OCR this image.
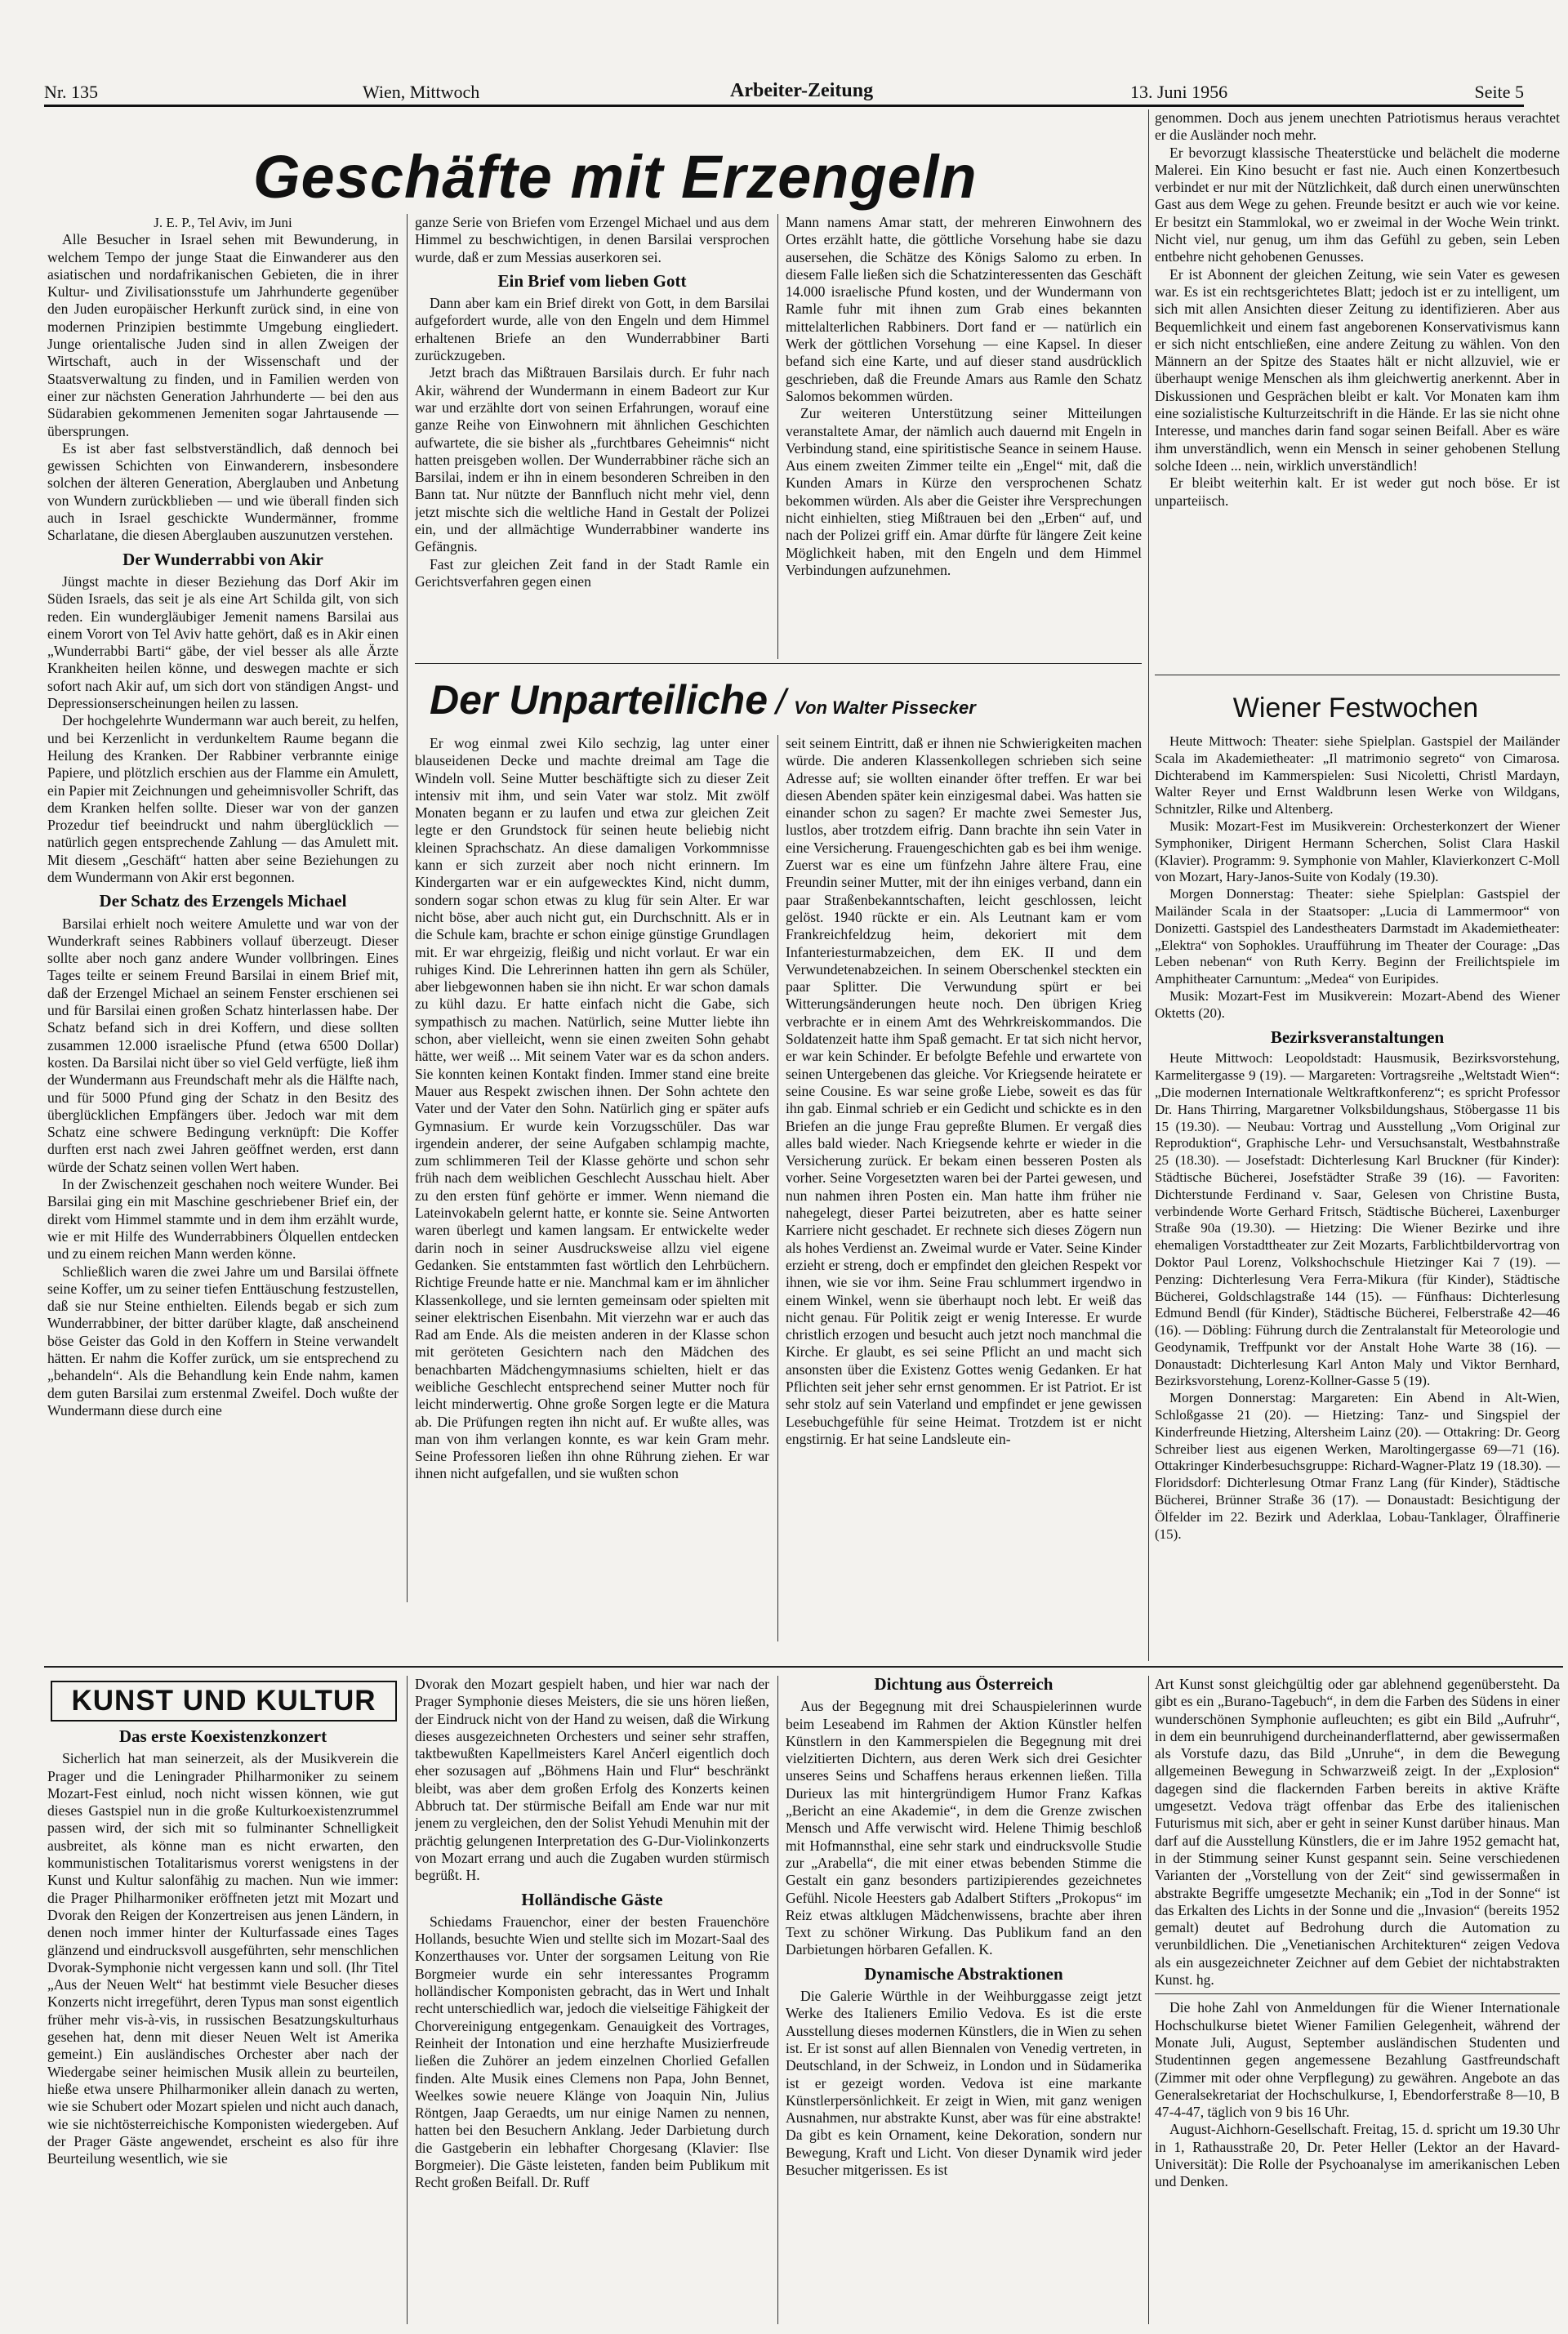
Nr. 135	Wien, Mittwoch	Arbeiter-Zeitung	13. Juni 1956	Seite 5
Geschäfte mit Erzengeln

J. E. P., Tel Aviv, im Juni

Alle Besucher in Israel sehen mit Bewunderung, in welchem Tempo der junge Staat die Einwanderer aus den asiatischen und nordafrikanischen Gebieten, die in ihrer Kultur- und Zivilisationsstufe um Jahrhunderte gegenüber den Juden europäischer Herkunft zurück sind, in eine von modernen Prinzipien bestimmte Umgebung eingliedert. Junge orientalische Juden sind in allen Zweigen der Wirtschaft, auch in der Wissenschaft und der Staatsverwaltung zu finden, und in Familien werden von einer zur nächsten Generation Jahrhunderte — bei den aus Südarabien gekommenen Jemeniten sogar Jahrtausende — übersprungen.

Es ist aber fast selbstverständlich, daß dennoch bei gewissen Schichten von Einwanderern, insbesondere solchen der älteren Generation, Aberglauben und Anbetung von Wundern zurückblieben — und wie überall finden sich auch in Israel geschickte Wundermänner, fromme Scharlatane, die diesen Aberglauben auszunutzen verstehen.

Der Wunderrabbi von Akir

Jüngst machte in dieser Beziehung das Dorf Akir im Süden Israels, das seit je als eine Art Schilda gilt, von sich reden. Ein wundergläubiger Jemenit namens Barsilai aus einem Vorort von Tel Aviv hatte gehört, daß es in Akir einen „Wunderrabbi Barti“ gäbe, der viel besser als alle Ärzte Krankheiten heilen könne, und deswegen machte er sich sofort nach Akir auf, um sich dort von ständigen Angst- und Depressionserscheinungen heilen zu lassen.

Der hochgelehrte Wundermann war auch bereit, zu helfen, und bei Kerzenlicht in verdunkeltem Raume begann die Heilung des Kranken. Der Rabbiner verbrannte einige Papiere, und plötzlich erschien aus der Flamme ein Amulett, ein Papier mit Zeichnungen und geheimnisvoller Schrift, das dem Kranken helfen sollte. Dieser war von der ganzen Prozedur tief beeindruckt und nahm überglücklich — natürlich gegen entsprechende Zahlung — das Amulett mit. Mit diesem „Geschäft“ hatten aber seine Beziehungen zu dem Wundermann von Akir erst begonnen.

Der Schatz des Erzengels Michael

Barsilai erhielt noch weitere Amulette und war von der Wunderkraft seines Rabbiners vollauf überzeugt. Dieser sollte aber noch ganz andere Wunder vollbringen. Eines Tages teilte er seinem Freund Barsilai in einem Brief mit, daß der Erzengel Michael an seinem Fenster erschienen sei und für Barsilai einen großen Schatz hinterlassen habe. Der Schatz befand sich in drei Koffern, und diese sollten zusammen 12.000 israelische Pfund (etwa 6500 Dollar) kosten. Da Barsilai nicht über so viel Geld verfügte, ließ ihm der Wundermann aus Freundschaft mehr als die Hälfte nach, und für 5000 Pfund ging der Schatz in den Besitz des überglücklichen Empfängers über. Jedoch war mit dem Schatz eine schwere Bedingung verknüpft: Die Koffer durften erst nach zwei Jahren geöffnet werden, erst dann würde der Schatz seinen vollen Wert haben.

In der Zwischenzeit geschahen noch weitere Wunder. Bei Barsilai ging ein mit Maschine geschriebener Brief ein, der direkt vom Himmel stammte und in dem ihm erzählt wurde, wie er mit Hilfe des Wunderrabbiners Ölquellen entdecken und zu einem reichen Mann werden könne.

Schließlich waren die zwei Jahre um und Barsilai öffnete seine Koffer, um zu seiner tiefen Enttäuschung festzustellen, daß sie nur Steine enthielten. Eilends begab er sich zum Wunderrabbiner, der bitter darüber klagte, daß anscheinend böse Geister das Gold in den Koffern in Steine verwandelt hätten. Er nahm die Koffer zurück, um sie entsprechend zu „behandeln“. Als die Behandlung kein Ende nahm, kamen dem guten Barsilai zum erstenmal Zweifel. Doch wußte der Wundermann diese durch eine

ganze Serie von Briefen vom Erzengel Michael und aus dem Himmel zu beschwichtigen, in denen Barsilai versprochen wurde, daß er zum Messias auserkoren sei.

Ein Brief vom lieben Gott

Dann aber kam ein Brief direkt von Gott, in dem Barsilai aufgefordert wurde, alle von den Engeln und dem Himmel erhaltenen Briefe an den Wunderrabbiner Barti zurückzugeben.

Jetzt brach das Mißtrauen Barsilais durch. Er fuhr nach Akir, während der Wundermann in einem Badeort zur Kur war und erzählte dort von seinen Erfahrungen, worauf eine ganze Reihe von Einwohnern mit ähnlichen Geschichten aufwartete, die sie bisher als „furchtbares Geheimnis“ nicht hatten preisgeben wollen. Der Wunderrabbiner räche sich an Barsilai, indem er ihn in einem besonderen Schreiben in den Bann tat. Nur nützte der Bannfluch nicht mehr viel, denn jetzt mischte sich die weltliche Hand in Gestalt der Polizei ein, und der allmächtige Wunderrabbiner wanderte ins Gefängnis.

Fast zur gleichen Zeit fand in der Stadt Ramle ein Gerichtsverfahren gegen einen

Mann namens Amar statt, der mehreren Einwohnern des Ortes erzählt hatte, die göttliche Vorsehung habe sie dazu ausersehen, die Schätze des Königs Salomo zu erben. In diesem Falle ließen sich die Schatzinteressenten das Geschäft 14.000 israelische Pfund kosten, und der Wundermann von Ramle fuhr mit ihnen zum Grab eines bekannten mittelalterlichen Rabbiners. Dort fand er — natürlich ein Werk der göttlichen Vorsehung — eine Kapsel. In dieser befand sich eine Karte, und auf dieser stand ausdrücklich geschrieben, daß die Freunde Amars aus Ramle den Schatz Salomos bekommen würden.

Zur weiteren Unterstützung seiner Mitteilungen veranstaltete Amar, der nämlich auch dauernd mit Engeln in Verbindung stand, eine spiritistische Seance in seinem Hause. Aus einem zweiten Zimmer teilte ein „Engel“ mit, daß die Kunden Amars in Kürze den versprochenen Schatz bekommen würden. Als aber die Geister ihre Versprechungen nicht einhielten, stieg Mißtrauen bei den „Erben“ auf, und nach der Polizei griff ein. Amar dürfte für längere Zeit keine Möglichkeit haben, mit den Engeln und dem Himmel Verbindungen aufzunehmen.

genommen. Doch aus jenem unechten Patriotismus heraus verachtet er die Ausländer noch mehr.

Er bevorzugt klassische Theaterstücke und belächelt die moderne Malerei. Ein Kino besucht er fast nie. Auch einen Konzertbesuch verbindet er nur mit der Nützlichkeit, daß durch einen unerwünschten Gast aus dem Wege zu gehen. Freunde besitzt er auch wie vor keine. Er besitzt ein Stammlokal, wo er zweimal in der Woche Wein trinkt. Nicht viel, nur genug, um ihm das Gefühl zu geben, sein Leben entbehre nicht gehobenen Genusses.

Er ist Abonnent der gleichen Zeitung, wie sein Vater es gewesen war. Es ist ein rechtsgerichtetes Blatt; jedoch ist er zu intelligent, um sich mit allen Ansichten dieser Zeitung zu identifizieren. Aber aus Bequemlichkeit und einem fast angeborenen Konservativismus kann er sich nicht entschließen, eine andere Zeitung zu wählen. Von den Männern an der Spitze des Staates hält er nicht allzuviel, wie er überhaupt wenige Menschen als ihm gleichwertig anerkennt. Aber in Diskussionen und Gesprächen bleibt er kalt. Vor Monaten kam ihm eine sozialistische Kulturzeitschrift in die Hände. Er las sie nicht ohne Interesse, und manches darin fand sogar seinen Beifall. Aber es wäre ihm unverständlich, wenn ein Mensch in seiner gehobenen Stellung solche Ideen ... nein, wirklich unverständlich!

Er bleibt weiterhin kalt. Er ist weder gut noch böse. Er ist unparteiisch.

Wiener Festwochen

Heute Mittwoch: Theater: siehe Spielplan. Gastspiel der Mailänder Scala im Akademietheater: „Il matrimonio segreto“ von Cimarosa. Dichterabend im Kammerspielen: Susi Nicoletti, Christl Mardayn, Walter Reyer und Ernst Waldbrunn lesen Werke von Wildgans, Schnitzler, Rilke und Altenberg.

Musik: Mozart-Fest im Musikverein: Orchesterkonzert der Wiener Symphoniker, Dirigent Hermann Scherchen, Solist Clara Haskil (Klavier). Programm: 9. Symphonie von Mahler, Klavierkonzert C-Moll von Mozart, Hary-Janos-Suite von Kodaly (19.30).

Morgen Donnerstag: Theater: siehe Spielplan: Gastspiel der Mailänder Scala in der Staatsoper: „Lucia di Lammermoor“ von Donizetti. Gastspiel des Landestheaters Darmstadt im Akademietheater: „Elektra“ von Sophokles. Uraufführung im Theater der Courage: „Das Leben nebenan“ von Ruth Kerry. Beginn der Freilichtspiele im Amphitheater Carnuntum: „Medea“ von Euripides.

Musik: Mozart-Fest im Musikverein: Mozart-Abend des Wiener Oktetts (20).

Bezirksveranstaltungen

Heute Mittwoch: Leopoldstadt: Hausmusik, Bezirksvorstehung, Karmelitergasse 9 (19). — Margareten: Vortragsreihe „Weltstadt Wien“: „Die modernen Internationale Weltkraftkonferenz“; es spricht Professor Dr. Hans Thirring, Margaretner Volksbildungshaus, Stöbergasse 11 bis 15 (19.30). — Neubau: Vortrag und Ausstellung „Vom Original zur Reproduktion“, Graphische Lehr- und Versuchsanstalt, Westbahnstraße 25 (18.30). — Josefstadt: Dichterlesung Karl Bruckner (für Kinder): Städtische Bücherei, Josefstädter Straße 39 (16). — Favoriten: Dichterstunde Ferdinand v. Saar, Gelesen von Christine Busta, verbindende Worte Gerhard Fritsch, Städtische Bücherei, Laxenburger Straße 90a (19.30). — Hietzing: Die Wiener Bezirke und ihre ehemaligen Vorstadttheater zur Zeit Mozarts, Farblichtbildervortrag von Doktor Paul Lorenz, Volkshochschule Hietzinger Kai 7 (19). — Penzing: Dichterlesung Vera Ferra-Mikura (für Kinder), Städtische Bücherei, Goldschlagstraße 144 (15). — Fünfhaus: Dichterlesung Edmund Bendl (für Kinder), Städtische Bücherei, Felberstraße 42—46 (16). — Döbling: Führung durch die Zentralanstalt für Meteorologie und Geodynamik, Treffpunkt vor der Anstalt Hohe Warte 38 (16). — Donaustadt: Dichterlesung Karl Anton Maly und Viktor Bernhard, Bezirksvorstehung, Lorenz-Kollner-Gasse 5 (19).

Morgen Donnerstag: Margareten: Ein Abend in Alt-Wien, Schloßgasse 21 (20). — Hietzing: Tanz- und Singspiel der Kinderfreunde Hietzing, Altersheim Lainz (20). — Ottakring: Dr. Georg Schreiber liest aus eigenen Werken, Maroltingergasse 69—71 (16). Ottakringer Kinderbesuchsgruppe: Richard-Wagner-Platz 19 (18.30). — Floridsdorf: Dichterlesung Otmar Franz Lang (für Kinder), Städtische Bücherei, Brünner Straße 36 (17). — Donaustadt: Besichtigung der Ölfelder im 22. Bezirk und Aderklaa, Lobau-Tanklager, Ölraffinerie (15).

Der Unparteiliche / Von Walter Pissecker

Er wog einmal zwei Kilo sechzig, lag unter einer blauseidenen Decke und machte dreimal am Tage die Windeln voll. Seine Mutter beschäftigte sich zu dieser Zeit intensiv mit ihm, und sein Vater war stolz. Mit zwölf Monaten begann er zu laufen und etwa zur gleichen Zeit legte er den Grundstock für seinen heute beliebig nicht kleinen Sprachschatz. An diese damaligen Vorkommnisse kann er sich zurzeit aber noch nicht erinnern. Im Kindergarten war er ein aufgewecktes Kind, nicht dumm, sondern sogar schon etwas zu klug für sein Alter. Er war nicht böse, aber auch nicht gut, ein Durchschnitt. Als er in die Schule kam, brachte er schon einige günstige Grundlagen mit. Er war ehrgeizig, fleißig und nicht vorlaut. Er war ein ruhiges Kind. Die Lehrerinnen hatten ihn gern als Schüler, aber liebgewonnen haben sie ihn nicht. Er war schon damals zu kühl dazu. Er hatte einfach nicht die Gabe, sich sympathisch zu machen. Natürlich, seine Mutter liebte ihn schon, aber vielleicht, wenn sie einen zweiten Sohn gehabt hätte, wer weiß ... Mit seinem Vater war es da schon anders. Sie konnten keinen Kontakt finden. Immer stand eine breite Mauer aus Respekt zwischen ihnen. Der Sohn achtete den Vater und der Vater den Sohn. Natürlich ging er später aufs Gymnasium. Er wurde kein Vorzugsschüler. Das war irgendein anderer, der seine Aufgaben schlampig machte, zum schlimmeren Teil der Klasse gehörte und schon sehr früh nach dem weiblichen Geschlecht Ausschau hielt. Aber zu den ersten fünf gehörte er immer. Wenn niemand die Lateinvokabeln gelernt hatte, er konnte sie. Seine Antworten waren überlegt und kamen langsam. Er entwickelte weder darin noch in seiner Ausdrucksweise allzu viel eigene Gedanken. Sie entstammten fast wörtlich den Lehrbüchern. Richtige Freunde hatte er nie. Manchmal kam er im ähnlicher Klassenkollege, und sie lernten gemeinsam oder spielten mit seiner elektrischen Eisenbahn. Mit vierzehn war er auch das Rad am Ende. Als die meisten anderen in der Klasse schon mit geröteten Gesichtern nach den Mädchen des benachbarten Mädchengymnasiums schielten, hielt er das weibliche Geschlecht entsprechend seiner Mutter noch für leicht minderwertig. Ohne große Sorgen legte er die Matura ab. Die Prüfungen regten ihn nicht auf. Er wußte alles, was man von ihm verlangen konnte, es war kein Gram mehr. Seine Professoren ließen ihn ohne Rührung ziehen. Er war ihnen nicht aufgefallen, und sie wußten schon

seit seinem Eintritt, daß er ihnen nie Schwierigkeiten machen würde. Die anderen Klassenkollegen schrieben sich seine Adresse auf; sie wollten einander öfter treffen. Er war bei diesen Abenden später kein einzigesmal dabei. Was hatten sie einander schon zu sagen? Er machte zwei Semester Jus, lustlos, aber trotzdem eifrig. Dann brachte ihn sein Vater in eine Versicherung. Frauengeschichten gab es bei ihm wenige. Zuerst war es eine um fünfzehn Jahre ältere Frau, eine Freundin seiner Mutter, mit der ihn einiges verband, dann ein paar Straßenbekanntschaften, leicht geschlossen, leicht gelöst. 1940 rückte er ein. Als Leutnant kam er vom Frankreichfeldzug heim, dekoriert mit dem Infanteriesturmabzeichen, dem EK. II und dem Verwundetenabzeichen. In seinem Oberschenkel steckten ein paar Splitter. Die Verwundung spürt er bei Witterungsänderungen heute noch. Den übrigen Krieg verbrachte er in einem Amt des Wehrkreiskommandos. Die Soldatenzeit hatte ihm Spaß gemacht. Er tat sich nicht hervor, er war kein Schinder. Er befolgte Befehle und erwartete von seinen Untergebenen das gleiche. Vor Kriegsende heiratete er seine Cousine. Es war seine große Liebe, soweit es das für ihn gab. Einmal schrieb er ein Gedicht und schickte es in den Briefen an die junge Frau gepreßte Blumen. Er vergaß dies alles bald wieder. Nach Kriegsende kehrte er wieder in die Versicherung zurück. Er bekam einen besseren Posten als vorher. Seine Vorgesetzten waren bei der Partei gewesen, und nun nahmen ihren Posten ein. Man hatte ihm früher nie nahegelegt, dieser Partei beizutreten, aber es hatte seiner Karriere nicht geschadet. Er rechnete sich dieses Zögern nun als hohes Verdienst an. Zweimal wurde er Vater. Seine Kinder erzieht er streng, doch er empfindet den gleichen Respekt vor ihnen, wie sie vor ihm. Seine Frau schlummert irgendwo in einem Winkel, wenn sie überhaupt noch lebt. Er weiß das nicht genau. Für Politik zeigt er wenig Interesse. Er wurde christlich erzogen und besucht auch jetzt noch manchmal die Kirche. Er glaubt, es sei seine Pflicht an und macht sich ansonsten über die Existenz Gottes wenig Gedanken. Er hat Pflichten seit jeher sehr ernst genommen. Er ist Patriot. Er ist sehr stolz auf sein Vaterland und empfindet er jene gewissen Lesebuchgefühle für seine Heimat. Trotzdem ist er nicht engstirnig. Er hat seine Landsleute ein-

KUNST UND KULTUR
Das erste Koexistenzkonzert

Sicherlich hat man seinerzeit, als der Musikverein die Prager und die Leningrader Philharmoniker zu seinem Mozart-Fest einlud, noch nicht wissen können, wie gut dieses Gastspiel nun in die große Kulturkoexistenzrummel passen wird, der sich mit so fulminanter Schnelligkeit ausbreitet, als könne man es nicht erwarten, den kommunistischen Totalitarismus vorerst wenigstens in der Kunst und Kultur salonfähig zu machen. Nun wie immer: die Prager Philharmoniker eröffneten jetzt mit Mozart und Dvorak den Reigen der Konzertreisen aus jenen Ländern, in denen noch immer hinter der Kulturfassade eines Tages glänzend und eindrucksvoll ausgeführten, sehr menschlichen Dvorak-Symphonie nicht vergessen kann und soll. (Ihr Titel „Aus der Neuen Welt“ hat bestimmt viele Besucher dieses Konzerts nicht irregeführt, deren Typus man sonst eigentlich früher mehr vis-à-vis, in russischen Besatzungskulturhaus gesehen hat, denn mit dieser Neuen Welt ist Amerika gemeint.) Ein ausländisches Orchester aber nach der Wiedergabe seiner heimischen Musik allein zu beurteilen, hieße etwa unsere Philharmoniker allein danach zu werten, wie sie Schubert oder Mozart spielen und nicht auch danach, wie sie nichtösterreichische Komponisten wiedergeben. Auf der Prager Gäste angewendet, erscheint es also für ihre Beurteilung wesentlich, wie sie

Dvorak den Mozart gespielt haben, und hier war nach der Prager Symphonie dieses Meisters, die sie uns hören ließen, der Eindruck nicht von der Hand zu weisen, daß die Wirkung dieses ausgezeichneten Orchesters und seiner sehr straffen, taktbewußten Kapellmeisters Karel Ančerl eigentlich doch eher sozusagen auf „Böhmens Hain und Flur“ beschränkt bleibt, was aber dem großen Erfolg des Konzerts keinen Abbruch tat. Der stürmische Beifall am Ende war nur mit jenem zu vergleichen, den der Solist Yehudi Menuhin mit der prächtig gelungenen Interpretation des G-Dur-Violinkonzerts von Mozart errang und auch die Zugaben wurden stürmisch begrüßt. H.

Holländische Gäste

Schiedams Frauenchor, einer der besten Frauenchöre Hollands, besuchte Wien und stellte sich im Mozart-Saal des Konzerthauses vor. Unter der sorgsamen Leitung von Rie Borgmeier wurde ein sehr interessantes Programm holländischer Komponisten gebracht, das in Wert und Inhalt recht unterschiedlich war, jedoch die vielseitige Fähigkeit der Chorvereinigung entgegenkam. Genauigkeit des Vortrages, Reinheit der Intonation und eine herzhafte Musizierfreude ließen die Zuhörer an jedem einzelnen Chorlied Gefallen finden. Alte Musik eines Clemens non Papa, John Bennet, Weelkes sowie neuere Klänge von Joaquin Nin, Julius Röntgen, Jaap Geraedts, um nur einige Namen zu nennen, hatten bei den Besuchern Anklang. Jeder Darbietung durch die Gastgeberin ein lebhafter Chorgesang (Klavier: Ilse Borgmeier). Die Gäste leisteten, fanden beim Publikum mit Recht großen Beifall. Dr. Ruff

Dichtung aus Österreich

Aus der Begegnung mit drei Schauspielerinnen wurde beim Leseabend im Rahmen der Aktion Künstler helfen Künstlern in den Kammerspielen die Begegnung mit drei vielzitierten Dichtern, aus deren Werk sich drei Gesichter unseres Seins und Schaffens heraus erkennen ließen. Tilla Durieux las mit hintergründigem Humor Franz Kafkas „Bericht an eine Akademie“, in dem die Grenze zwischen Mensch und Affe verwischt wird. Helene Thimig beschloß mit Hofmannsthal, eine sehr stark und eindrucksvolle Studie zur „Arabella“, die mit einer etwas bebenden Stimme die Gestalt ein ganz besonders partizipierendes gezeichnetes Gefühl. Nicole Heesters gab Adalbert Stifters „Prokopus“ im Reiz etwas altklugen Mädchenwissens, brachte aber ihren Text zu schöner Wirkung. Das Publikum fand an den Darbietungen hörbaren Gefallen. K.

Dynamische Abstraktionen

Die Galerie Würthle in der Weihburggasse zeigt jetzt Werke des Italieners Emilio Vedova. Es ist die erste Ausstellung dieses modernen Künstlers, die in Wien zu sehen ist. Er ist sonst auf allen Biennalen von Venedig vertreten, in Deutschland, in der Schweiz, in London und in Südamerika ist er gezeigt worden. Vedova ist eine markante Künstlerpersönlichkeit. Er zeigt in Wien, mit ganz wenigen Ausnahmen, nur abstrakte Kunst, aber was für eine abstrakte! Da gibt es kein Ornament, keine Dekoration, sondern nur Bewegung, Kraft und Licht. Von dieser Dynamik wird jeder Besucher mitgerissen. Es ist

Art Kunst sonst gleichgültig oder gar ablehnend gegenübersteht. Da gibt es ein „Burano-Tagebuch“, in dem die Farben des Südens in einer wunderschönen Symphonie aufleuchten; es gibt ein Bild „Aufruhr“, in dem ein beunruhigend durcheinanderflatternd, aber gewissermaßen als Vorstufe dazu, das Bild „Unruhe“, in dem die Bewegung allgemeinen Bewegung in Schwarzweiß zeigt. In der „Explosion“ dagegen sind die flackernden Farben bereits in aktive Kräfte umgesetzt. Vedova trägt offenbar das Erbe des italienischen Futurismus mit sich, aber er geht in seiner Kunst darüber hinaus. Man darf auf die Ausstellung Künstlers, die er im Jahre 1952 gemacht hat, in der Stimmung seiner Kunst gespannt sein. Seine verschiedenen Varianten der „Vorstellung von der Zeit“ sind gewissermaßen in abstrakte Begriffe umgesetzte Mechanik; ein „Tod in der Sonne“ ist das Erkalten des Lichts in der Sonne und die „Invasion“ (bereits 1952 gemalt) deutet auf Bedrohung durch die Automation zu verunbildlichen. Die „Venetianischen Architekturen“ zeigen Vedova als ein ausgezeichneter Zeichner auf dem Gebiet der nichtabstrakten Kunst. hg.

Die hohe Zahl von Anmeldungen für die Wiener Internationale Hochschulkurse bietet Wiener Familien Gelegenheit, während der Monate Juli, August, September ausländischen Studenten und Studentinnen gegen angemessene Bezahlung Gastfreundschaft (Zimmer mit oder ohne Verpflegung) zu gewähren. Angebote an das Generalsekretariat der Hochschulkurse, I, Ebendorferstraße 8—10, B 47-4-47, täglich von 9 bis 16 Uhr.

August-Aichhorn-Gesellschaft. Freitag, 15. d. spricht um 19.30 Uhr in 1, Rathausstraße 20, Dr. Peter Heller (Lektor an der Havard-Universität): Die Rolle der Psychoanalyse im amerikanischen Leben und Denken.
